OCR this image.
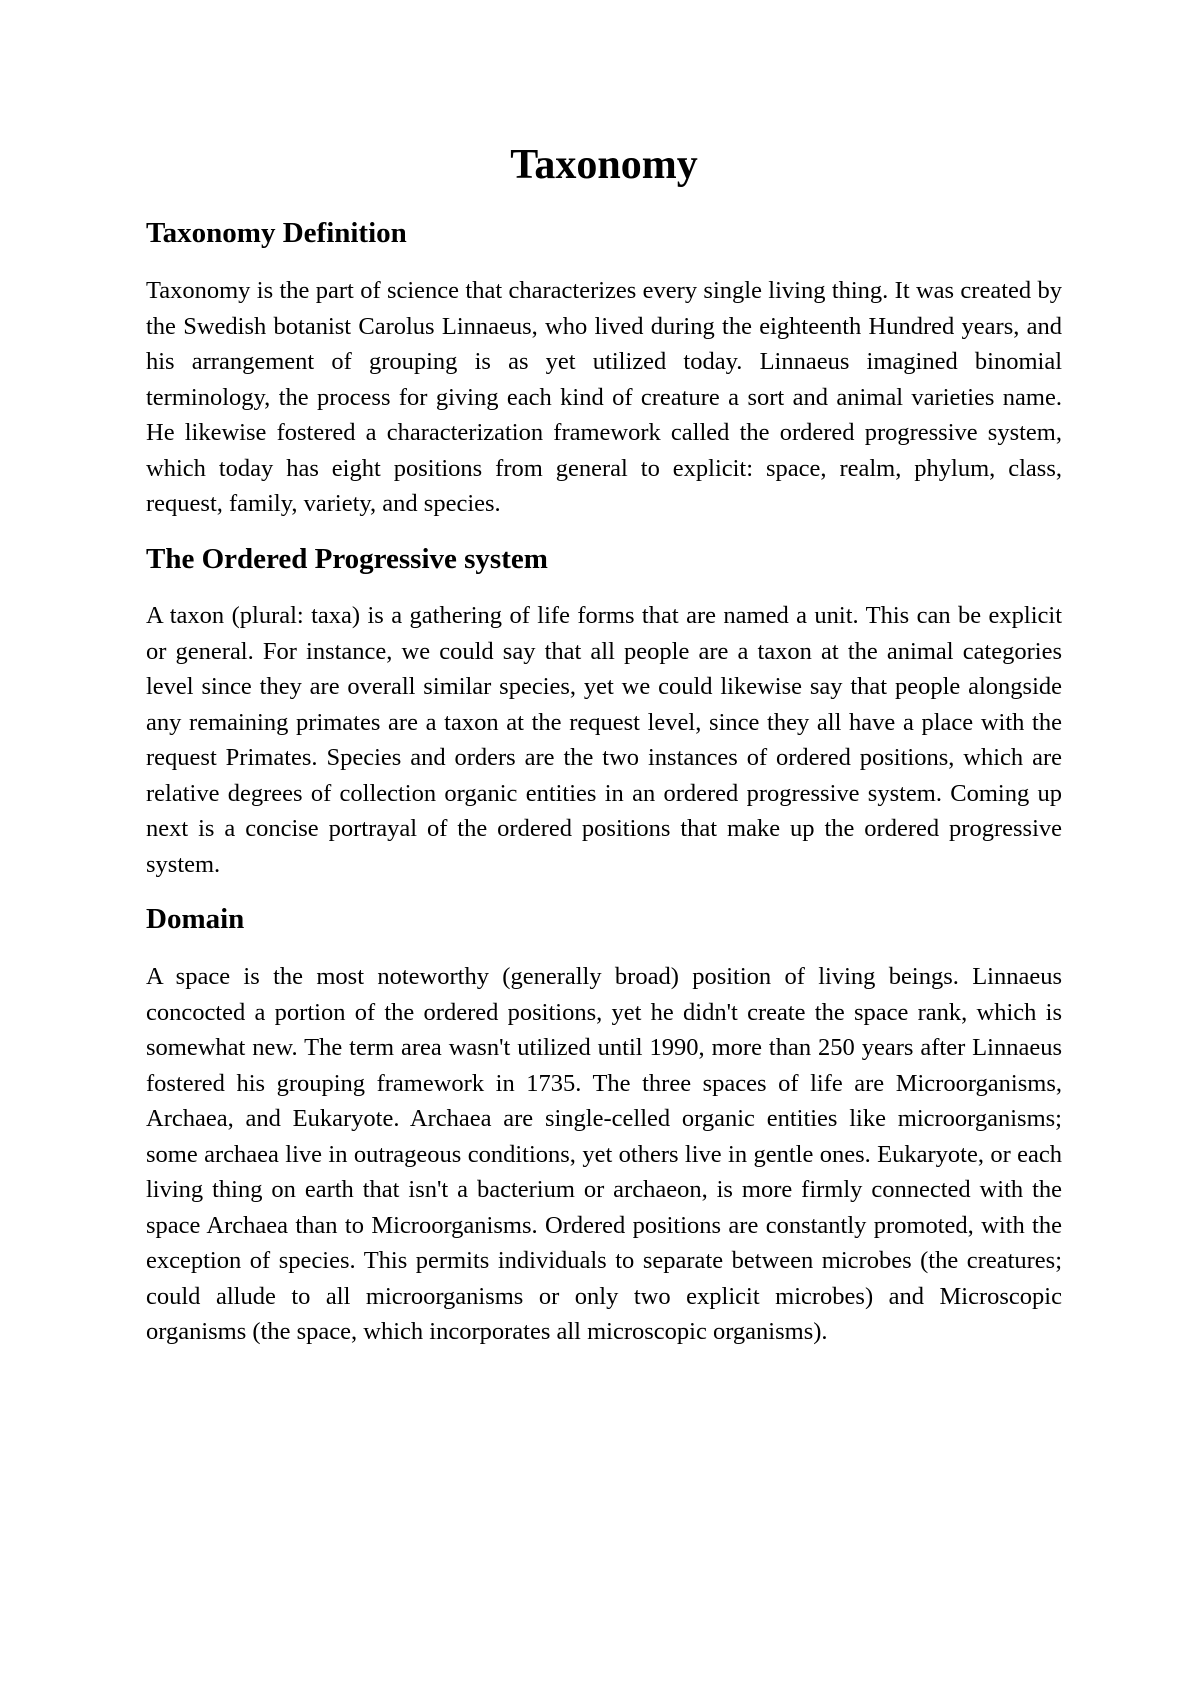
Taxonomy
Taxonomy Definition

Taxonomy is the part of science that characterizes every single living thing. It was created by the Swedish botanist Carolus Linnaeus, who lived during the eighteenth Hundred years, and his arrangement of grouping is as yet utilized today. Linnaeus imagined binomial terminology, the process for giving each kind of creature a sort and animal varieties name. He likewise fostered a characterization framework called the ordered progressive system, which today has eight positions from general to explicit: space, realm, phylum, class, request, family, variety, and species.

The Ordered Progressive system

A taxon (plural: taxa) is a gathering of life forms that are named a unit. This can be explicit or general. For instance, we could say that all people are a taxon at the animal categories level since they are overall similar species, yet we could likewise say that people alongside any remaining primates are a taxon at the request level, since they all have a place with the request Primates. Species and orders are the two instances of ordered positions, which are relative degrees of collection organic entities in an ordered progressive system. Coming up next is a concise portrayal of the ordered positions that make up the ordered progressive system.

Domain

A space is the most noteworthy (generally broad) position of living beings. Linnaeus concocted a portion of the ordered positions, yet he didn't create the space rank, which is somewhat new. The term area wasn't utilized until 1990, more than 250 years after Linnaeus fostered his grouping framework in 1735. The three spaces of life are Microorganisms, Archaea, and Eukaryote. Archaea are single-celled organic entities like microorganisms; some archaea live in outrageous conditions, yet others live in gentle ones. Eukaryote, or each living thing on earth that isn't a bacterium or archaeon, is more firmly connected with the space Archaea than to Microorganisms. Ordered positions are constantly promoted, with the exception of species. This permits individuals to separate between microbes (the creatures; could allude to all microorganisms or only two explicit microbes) and Microscopic organisms (the space, which incorporates all microscopic organisms).
